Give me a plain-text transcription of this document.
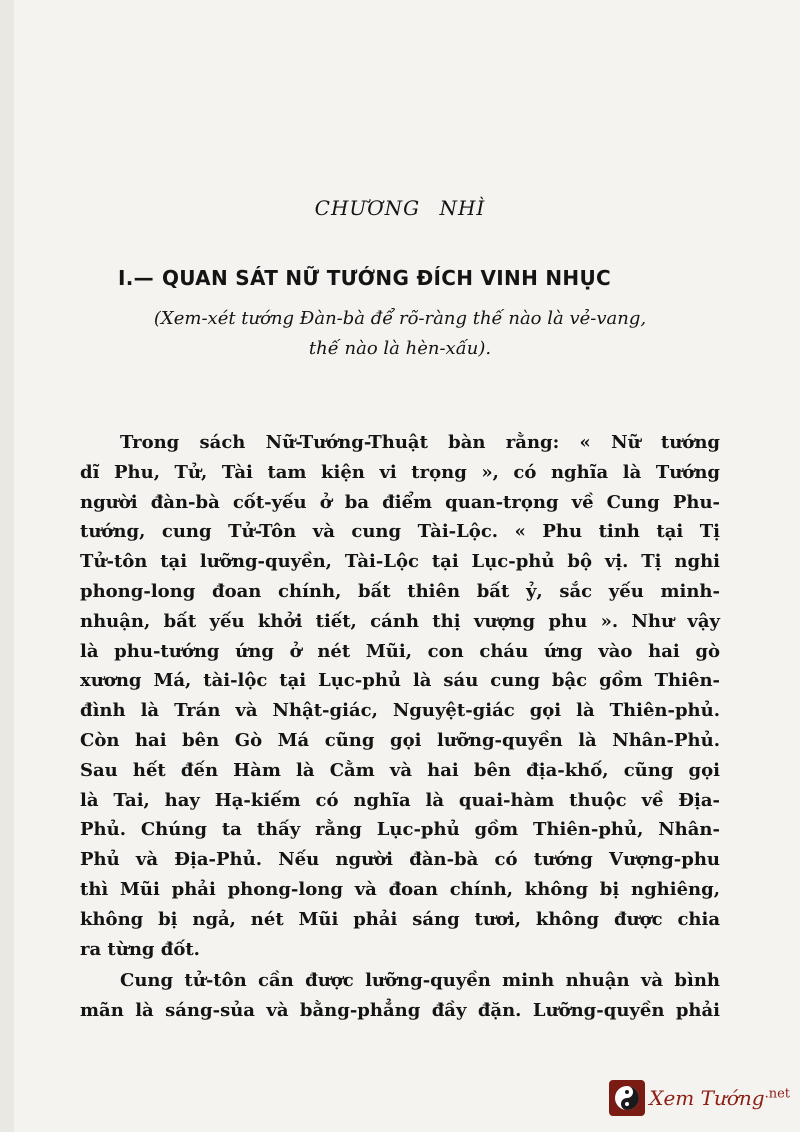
CHƯƠNG NHÌ
I.— QUAN SÁT NỮ TƯỚNG ĐÍCH VINH NHỤC
(Xem-xét tướng Đàn-bà để rõ-ràng thế nào là vẻ-vang,
thế nào là hèn-xấu).
Trong sách Nữ-Tướng-Thuật bàn rằng: « Nữ tướng
dĩ Phu, Tử, Tài tam kiện vi trọng », có nghĩa là Tướng
người đàn-bà cốt-yếu ở ba điểm quan-trọng về Cung Phu-
tướng, cung Tử-Tôn và cung Tài-Lộc. « Phu tinh tại Tị
Tử-tôn tại lưỡng-quyền, Tài-Lộc tại Lục-phủ bộ vị. Tị nghi
phong-long đoan chính, bất thiên bất ỷ, sắc yếu minh-
nhuận, bất yếu khởi tiết, cánh thị vượng phu ». Như vậy
là phu-tướng ứng ở nét Mũi, con cháu ứng vào hai gò
xương Má, tài-lộc tại Lục-phủ là sáu cung bậc gồm Thiên-
đình là Trán và Nhật-giác, Nguyệt-giác gọi là Thiên-phủ.
Còn hai bên Gò Má cũng gọi lưỡng-quyền là Nhân-Phủ.
Sau hết đến Hàm là Cằm và hai bên địa-khố, cũng gọi
là Tai, hay Hạ-kiếm có nghĩa là quai-hàm thuộc về Địa-
Phủ. Chúng ta thấy rằng Lục-phủ gồm Thiên-phủ, Nhân-
Phủ và Địa-Phủ. Nếu người đàn-bà có tướng Vượng-phu
thì Mũi phải phong-long và đoan chính, không bị nghiêng,
không bị ngả, nét Mũi phải sáng tươi, không được chia
ra từng đốt.
Cung tử-tôn cần được lưỡng-quyền minh nhuận và bình
mãn là sáng-sủa và bằng-phẳng đầy đặn. Lưỡng-quyền phải
Xem Tướng$^{.net}$
